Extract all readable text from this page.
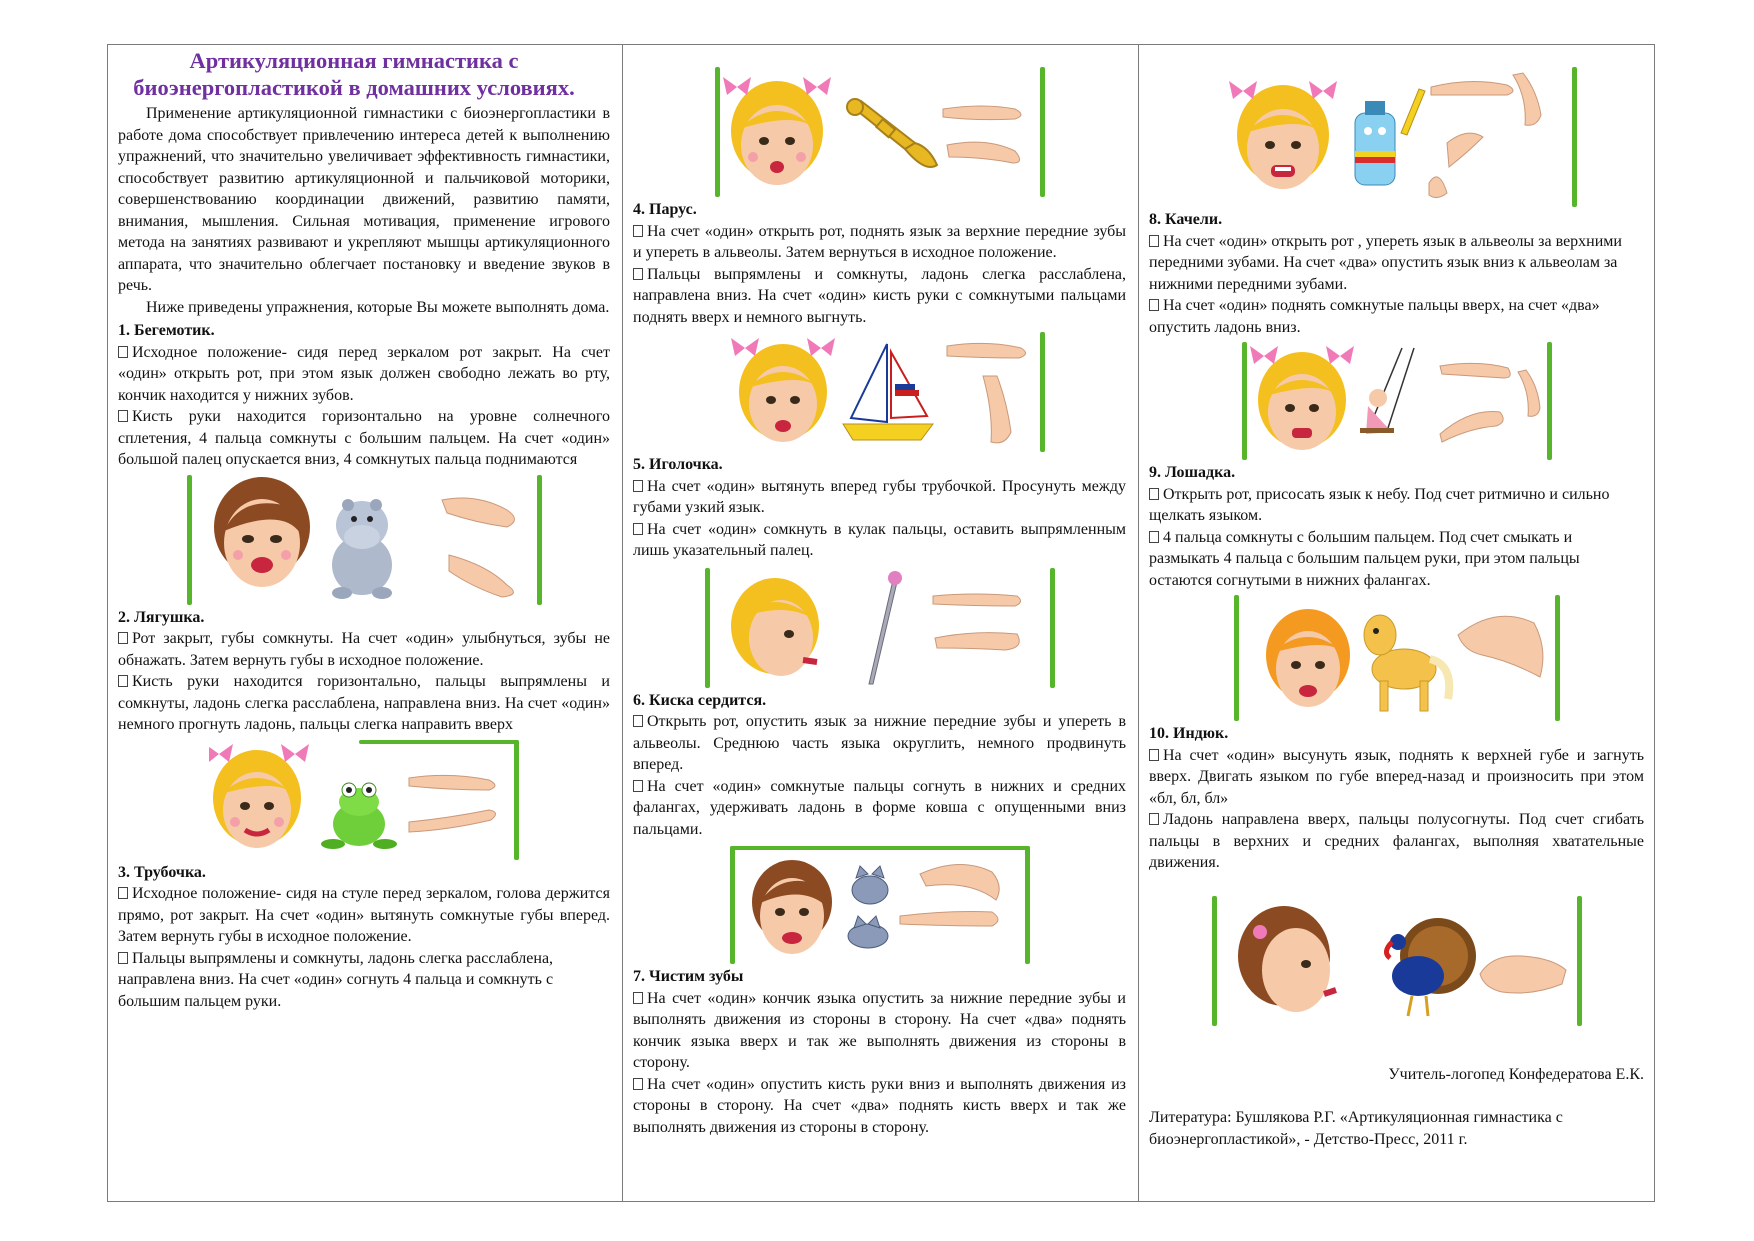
Артикуляционная гимнастика с биоэнергопластикой в домашних условиях.

Применение артикуляционной гимнастики с биоэнергопластики в работе дома способствует привлечению интереса детей к выполнению упражнений, что значительно увеличивает эффективность гимнастики, способствует развитию артикуляционной и пальчиковой моторики, совершенствованию координации движений, развитию памяти, внимания, мышления. Сильная мотивация, применение игрового метода на занятиях развивают и укрепляют мышцы артикуляционного аппарата, что значительно облегчает постановку и введение звуков в речь.

Ниже приведены упражнения, которые Вы можете выполнять дома.

1. Бегемотик.

Исходное положение- сидя перед зеркалом рот закрыт. На счет «один» открыть рот, при этом язык должен свободно лежать во рту, кончик находится у нижних зубов.

Кисть руки находится горизонтально на уровне солнечного сплетения, 4 пальца сомкнуты с большим пальцем. На счет «один» большой палец опускается вниз, 4 сомкнутых пальца поднимаются

2. Лягушка.

Рот закрыт, губы сомкнуты. На счет «один» улыбнуться, зубы не обнажать. Затем вернуть губы в исходное положение.

Кисть руки находится горизонтально, пальцы выпрямлены и сомкнуты, ладонь слегка расслаблена, направлена вниз. На счет «один» немного прогнуть ладонь, пальцы слегка направить вверх

3. Трубочка.

Исходное положение- сидя на стуле перед зеркалом, голова держится прямо, рот закрыт. На счет «один» вытянуть сомкнутые губы вперед. Затем вернуть губы в исходное положение.

Пальцы выпрямлены и сомкнуты, ладонь слегка расслаблена, направлена вниз. На счет «один» согнуть 4 пальца и сомкнуть с большим пальцем руки.

4. Парус.

На счет «один» открыть рот, поднять язык за верхние передние зубы и упереть в альвеолы. Затем вернуться в исходное положение.

Пальцы выпрямлены и сомкнуты, ладонь слегка расслаблена, направлена вниз. На счет «один» кисть руки с сомкнутыми пальцами поднять вверх и немного выгнуть.

5. Иголочка.

На счет «один» вытянуть вперед губы трубочкой. Просунуть между губами узкий язык.

На счет «один» сомкнуть в кулак пальцы, оставить выпрямленным лишь указательный палец.

6. Киска сердится.

Открыть рот, опустить язык за нижние передние зубы и упереть в альвеолы. Среднюю часть языка округлить, немного продвинуть вперед.

На счет «один» сомкнутые пальцы согнуть в нижних и средних фалангах, удерживать ладонь в форме ковша с опущенными вниз пальцами.

7. Чистим зубы

На счет «один» кончик языка опустить за нижние передние зубы и выполнять движения из стороны в сторону. На счет «два» поднять кончик языка вверх и так же выполнять движения из стороны в сторону.

На счет «один» опустить кисть руки вниз и выполнять движения из стороны в сторону. На счет «два» поднять кисть вверх и так же выполнять движения из стороны в сторону.

8. Качели.

На счет «один» открыть рот , упереть язык в альвеолы за верхними передними зубами. На счет «два» опустить язык вниз к альвеолам за нижними передними зубами.

На счет «один» поднять сомкнутые пальцы вверх, на счет «два» опустить ладонь вниз.

9. Лошадка.

Открыть рот, присосать язык к небу. Под счет ритмично и сильно щелкать языком.

4 пальца сомкнуты с большим пальцем. Под счет смыкать и размыкать 4 пальца с большим пальцем руки, при этом пальцы остаются согнутыми в нижних фалангах.

10. Индюк.

На счет «один» высунуть язык, поднять к верхней губе и загнуть вверх. Двигать языком по губе вперед-назад и произносить при этом «бл, бл, бл»

Ладонь направлена вверх, пальцы полусогнуты. Под счет сгибать пальцы в верхних и средних фалангах, выполняя хватательные движения.

Учитель-логопед Конфедератова Е.К.

Литература: Бушлякова Р.Г. «Артикуляционная гимнастика с биоэнергопластикой», - Детство-Пресс, 2011 г.
